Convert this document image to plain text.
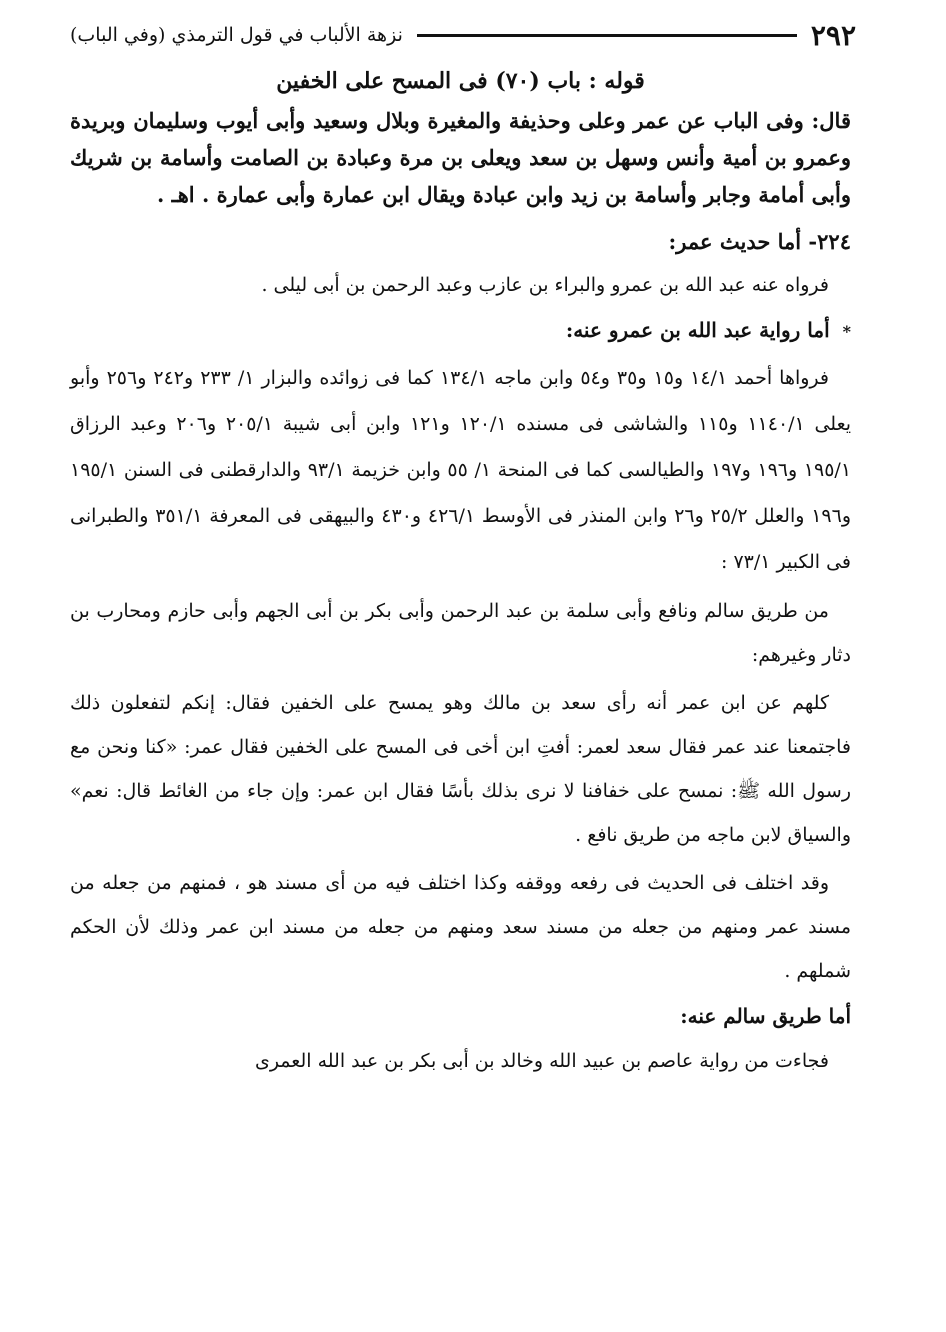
٢٩٢
نزهة الألباب في قول الترمذي (وفي الباب)

قوله : باب (٧٠) فى المسح على الخفين

قال: وفى الباب عن عمر وعلى وحذيفة والمغيرة وبلال وسعيد وأبى أيوب وسليمان وبريدة وعمرو بن أمية وأنس وسهل بن سعد ويعلى بن مرة وعبادة بن الصامت وأسامة بن شريك وأبى أمامة وجابر وأسامة بن زيد وابن عبادة ويقال ابن عمارة وأبى عمارة . اهـ .

٢٢٤- أما حديث عمر:

فرواه عنه عبد الله بن عمرو والبراء بن عازب وعبد الرحمن بن أبى ليلى .

* أما رواية عبد الله بن عمرو عنه:

فرواها أحمد ١٤/١ و١٥ و٣٥ و٥٤ وابن ماجه ١٣٤/١ كما فى زوائده والبزار ١/ ٢٣٣ و٢٤٢ و٢٥٦ وأبو يعلى ١١٤٠/١ و١١٥ والشاشى فى مسنده ١٢٠/١ و١٢١ وابن أبى شيبة ٢٠٥/١ و٢٠٦ وعبد الرزاق ١٩٥/١ و١٩٦ و١٩٧ والطيالسى كما فى المنحة ١/ ٥٥ وابن خزيمة ٩٣/١ والدارقطنى فى السنن ١٩٥/١ و١٩٦ والعلل ٢٥/٢ و٢٦ وابن المنذر فى الأوسط ٤٢٦/١ و٤٣٠ والبيهقى فى المعرفة ٣٥١/١ والطبرانى فى الكبير ٧٣/١ :

من طريق سالم ونافع وأبى سلمة بن عبد الرحمن وأبى بكر بن أبى الجهم وأبى حازم ومحارب بن دثار وغيرهم:

كلهم عن ابن عمر أنه رأى سعد بن مالك وهو يمسح على الخفين فقال: إنكم لتفعلون ذلك فاجتمعنا عند عمر فقال سعد لعمر: أفتِ ابن أخى فى المسح على الخفين فقال عمر: «كنا ونحن مع رسول الله ﷺ: نمسح على خفافنا لا نرى بذلك بأسًا فقال ابن عمر: وإن جاء من الغائط قال: نعم» والسياق لابن ماجه من طريق نافع .

وقد اختلف فى الحديث فى رفعه ووقفه وكذا اختلف فيه من أى مسند هو ، فمنهم من جعله من مسند عمر ومنهم من جعله من مسند سعد ومنهم من جعله من مسند ابن عمر وذلك لأن الحكم شملهم .

أما طريق سالم عنه:

فجاءت من رواية عاصم بن عبيد الله وخالد بن أبى بكر بن عبد الله العمرى
